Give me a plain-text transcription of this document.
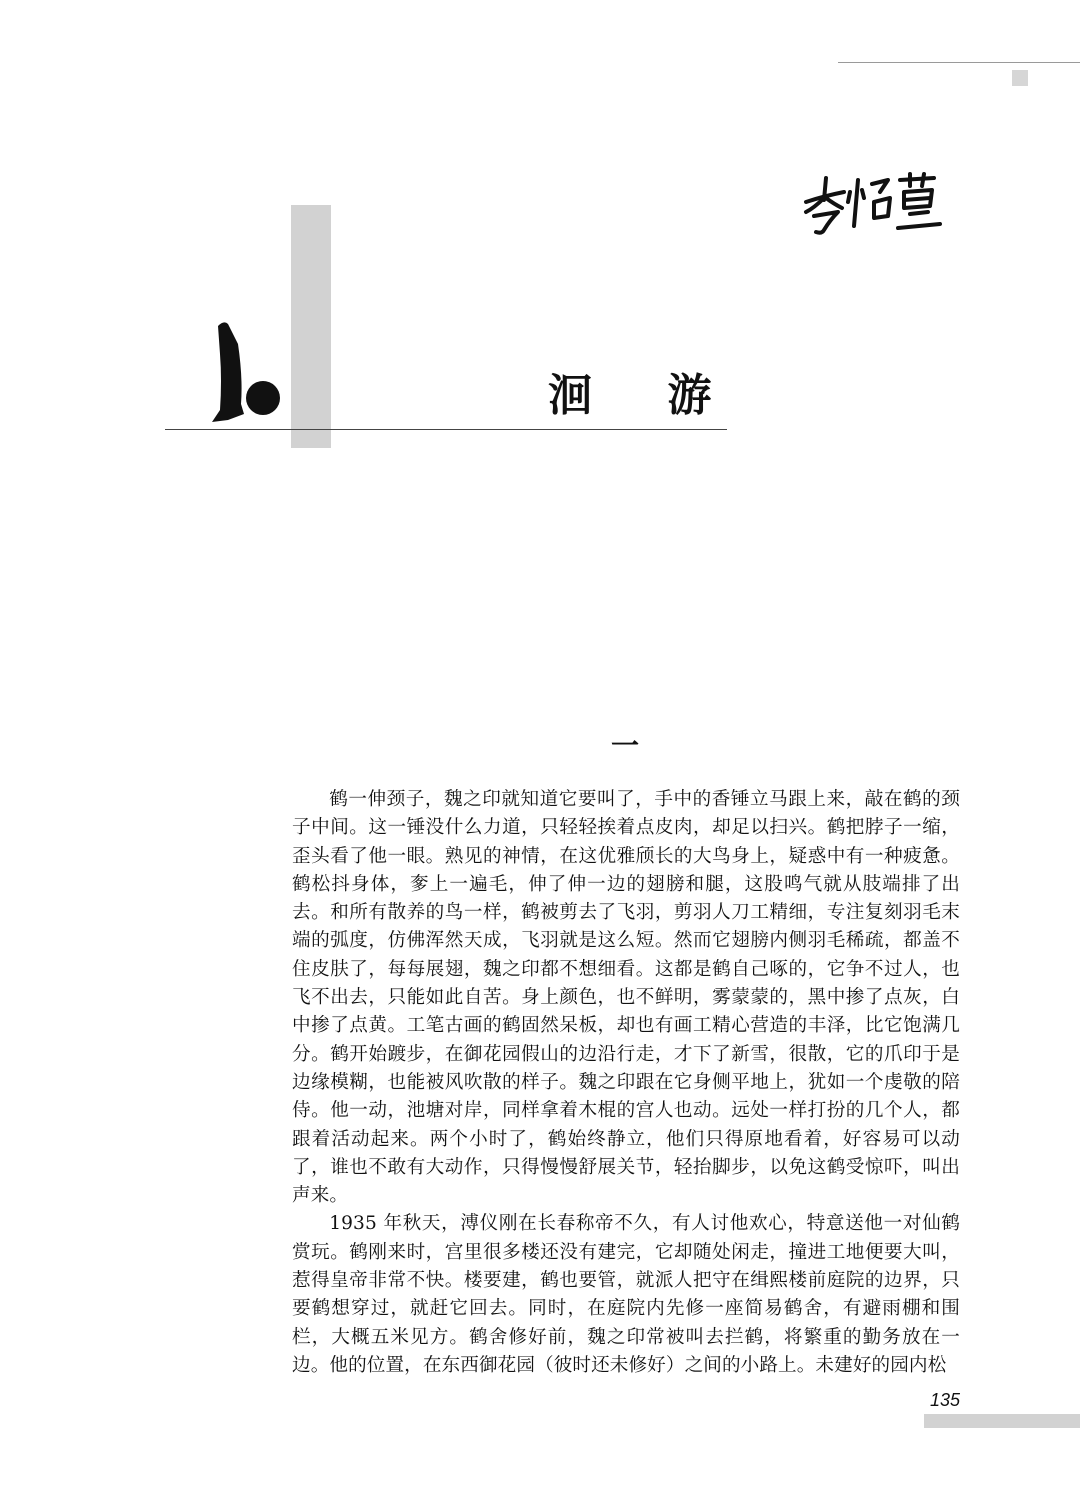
洄 游
一

鹤一伸颈子，魏之印就知道它要叫了，手中的香锤立马跟上来，敲在鹤的颈子中间。这一锤没什么力道，只轻轻挨着点皮肉，却足以扫兴。鹤把脖子一缩，歪头看了他一眼。熟见的神情，在这优雅颀长的大鸟身上，疑惑中有一种疲惫。鹤松抖身体，奓上一遍毛，伸了伸一边的翅膀和腿，这股鸣气就从肢端排了出去。和所有散养的鸟一样，鹤被剪去了飞羽，剪羽人刀工精细，专注复刻羽毛末端的弧度，仿佛浑然天成，飞羽就是这么短。然而它翅膀内侧羽毛稀疏，都盖不住皮肤了，每每展翅，魏之印都不想细看。这都是鹤自己啄的，它争不过人，也飞不出去，只能如此自苦。身上颜色，也不鲜明，雾蒙蒙的，黑中掺了点灰，白中掺了点黄。工笔古画的鹤固然呆板，却也有画工精心营造的丰泽，比它饱满几分。鹤开始踱步，在御花园假山的边沿行走，才下了新雪，很散，它的爪印于是边缘模糊，也能被风吹散的样子。魏之印跟在它身侧平地上，犹如一个虔敬的陪侍。他一动，池塘对岸，同样拿着木棍的宫人也动。远处一样打扮的几个人，都跟着活动起来。两个小时了，鹤始终静立，他们只得原地看着，好容易可以动了，谁也不敢有大动作，只得慢慢舒展关节，轻抬脚步，以免这鹤受惊吓，叫出声来。

1935 年秋天，溥仪刚在长春称帝不久，有人讨他欢心，特意送他一对仙鹤赏玩。鹤刚来时，宫里很多楼还没有建完，它却随处闲走，撞进工地便要大叫，惹得皇帝非常不快。楼要建，鹤也要管，就派人把守在缉熙楼前庭院的边界，只要鹤想穿过，就赶它回去。同时，在庭院内先修一座简易鹤舍，有避雨棚和围栏，大概五米见方。鹤舍修好前，魏之印常被叫去拦鹤，将繁重的勤务放在一边。他的位置，在东西御花园（彼时还未修好）之间的小路上。未建好的园内松

135
